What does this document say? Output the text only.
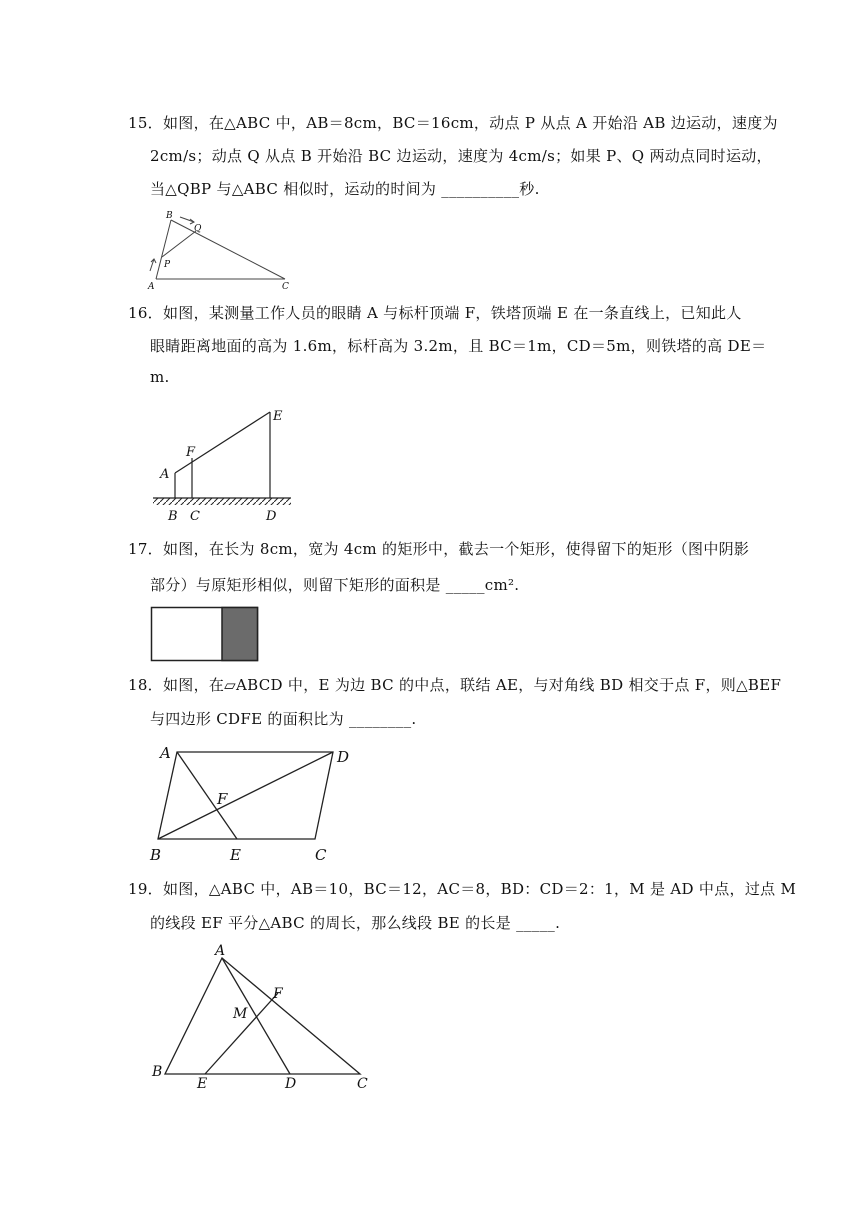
15．如图，在△ABC 中，AB＝8cm，BC＝16cm，动点 P 从点 A 开始沿 AB 边运动，速度为
2cm/s；动点 Q 从点 B 开始沿 BC 边运动，速度为 4cm/s；如果 P、Q 两动点同时运动，
当△QBP 与△ABC 相似时，运动的时间为 __________秒.
A
B
C
P
Q
16．如图，某测量工作人员的眼睛 A 与标杆顶端 F，铁塔顶端 E 在一条直线上，已知此人
眼睛距离地面的高为 1.6m，标杆高为 3.2m，且 BC＝1m，CD＝5m，则铁塔的高 DE＝
m.
A
B C	D
E
F
17．如图，在长为 8cm，宽为 4cm 的矩形中，截去一个矩形，使得留下的矩形（图中阴影
部分）与原矩形相似，则留下矩形的面积是 _____cm².
18．如图，在▱ABCD 中，E 为边 BC 的中点，联结 AE，与对角线 BD 相交于点 F，则△BEF
与四边形 CDFE 的面积比为 ________.
A
B	C
D
E
F
19．如图，△ABC 中，AB＝10，BC＝12，AC＝8，BD：CD＝2：1，M 是 AD 中点，过点 M
的线段 EF 平分△ABC 的周长，那么线段 BE 的长是 _____.
A
B
C
D
E
F
M
